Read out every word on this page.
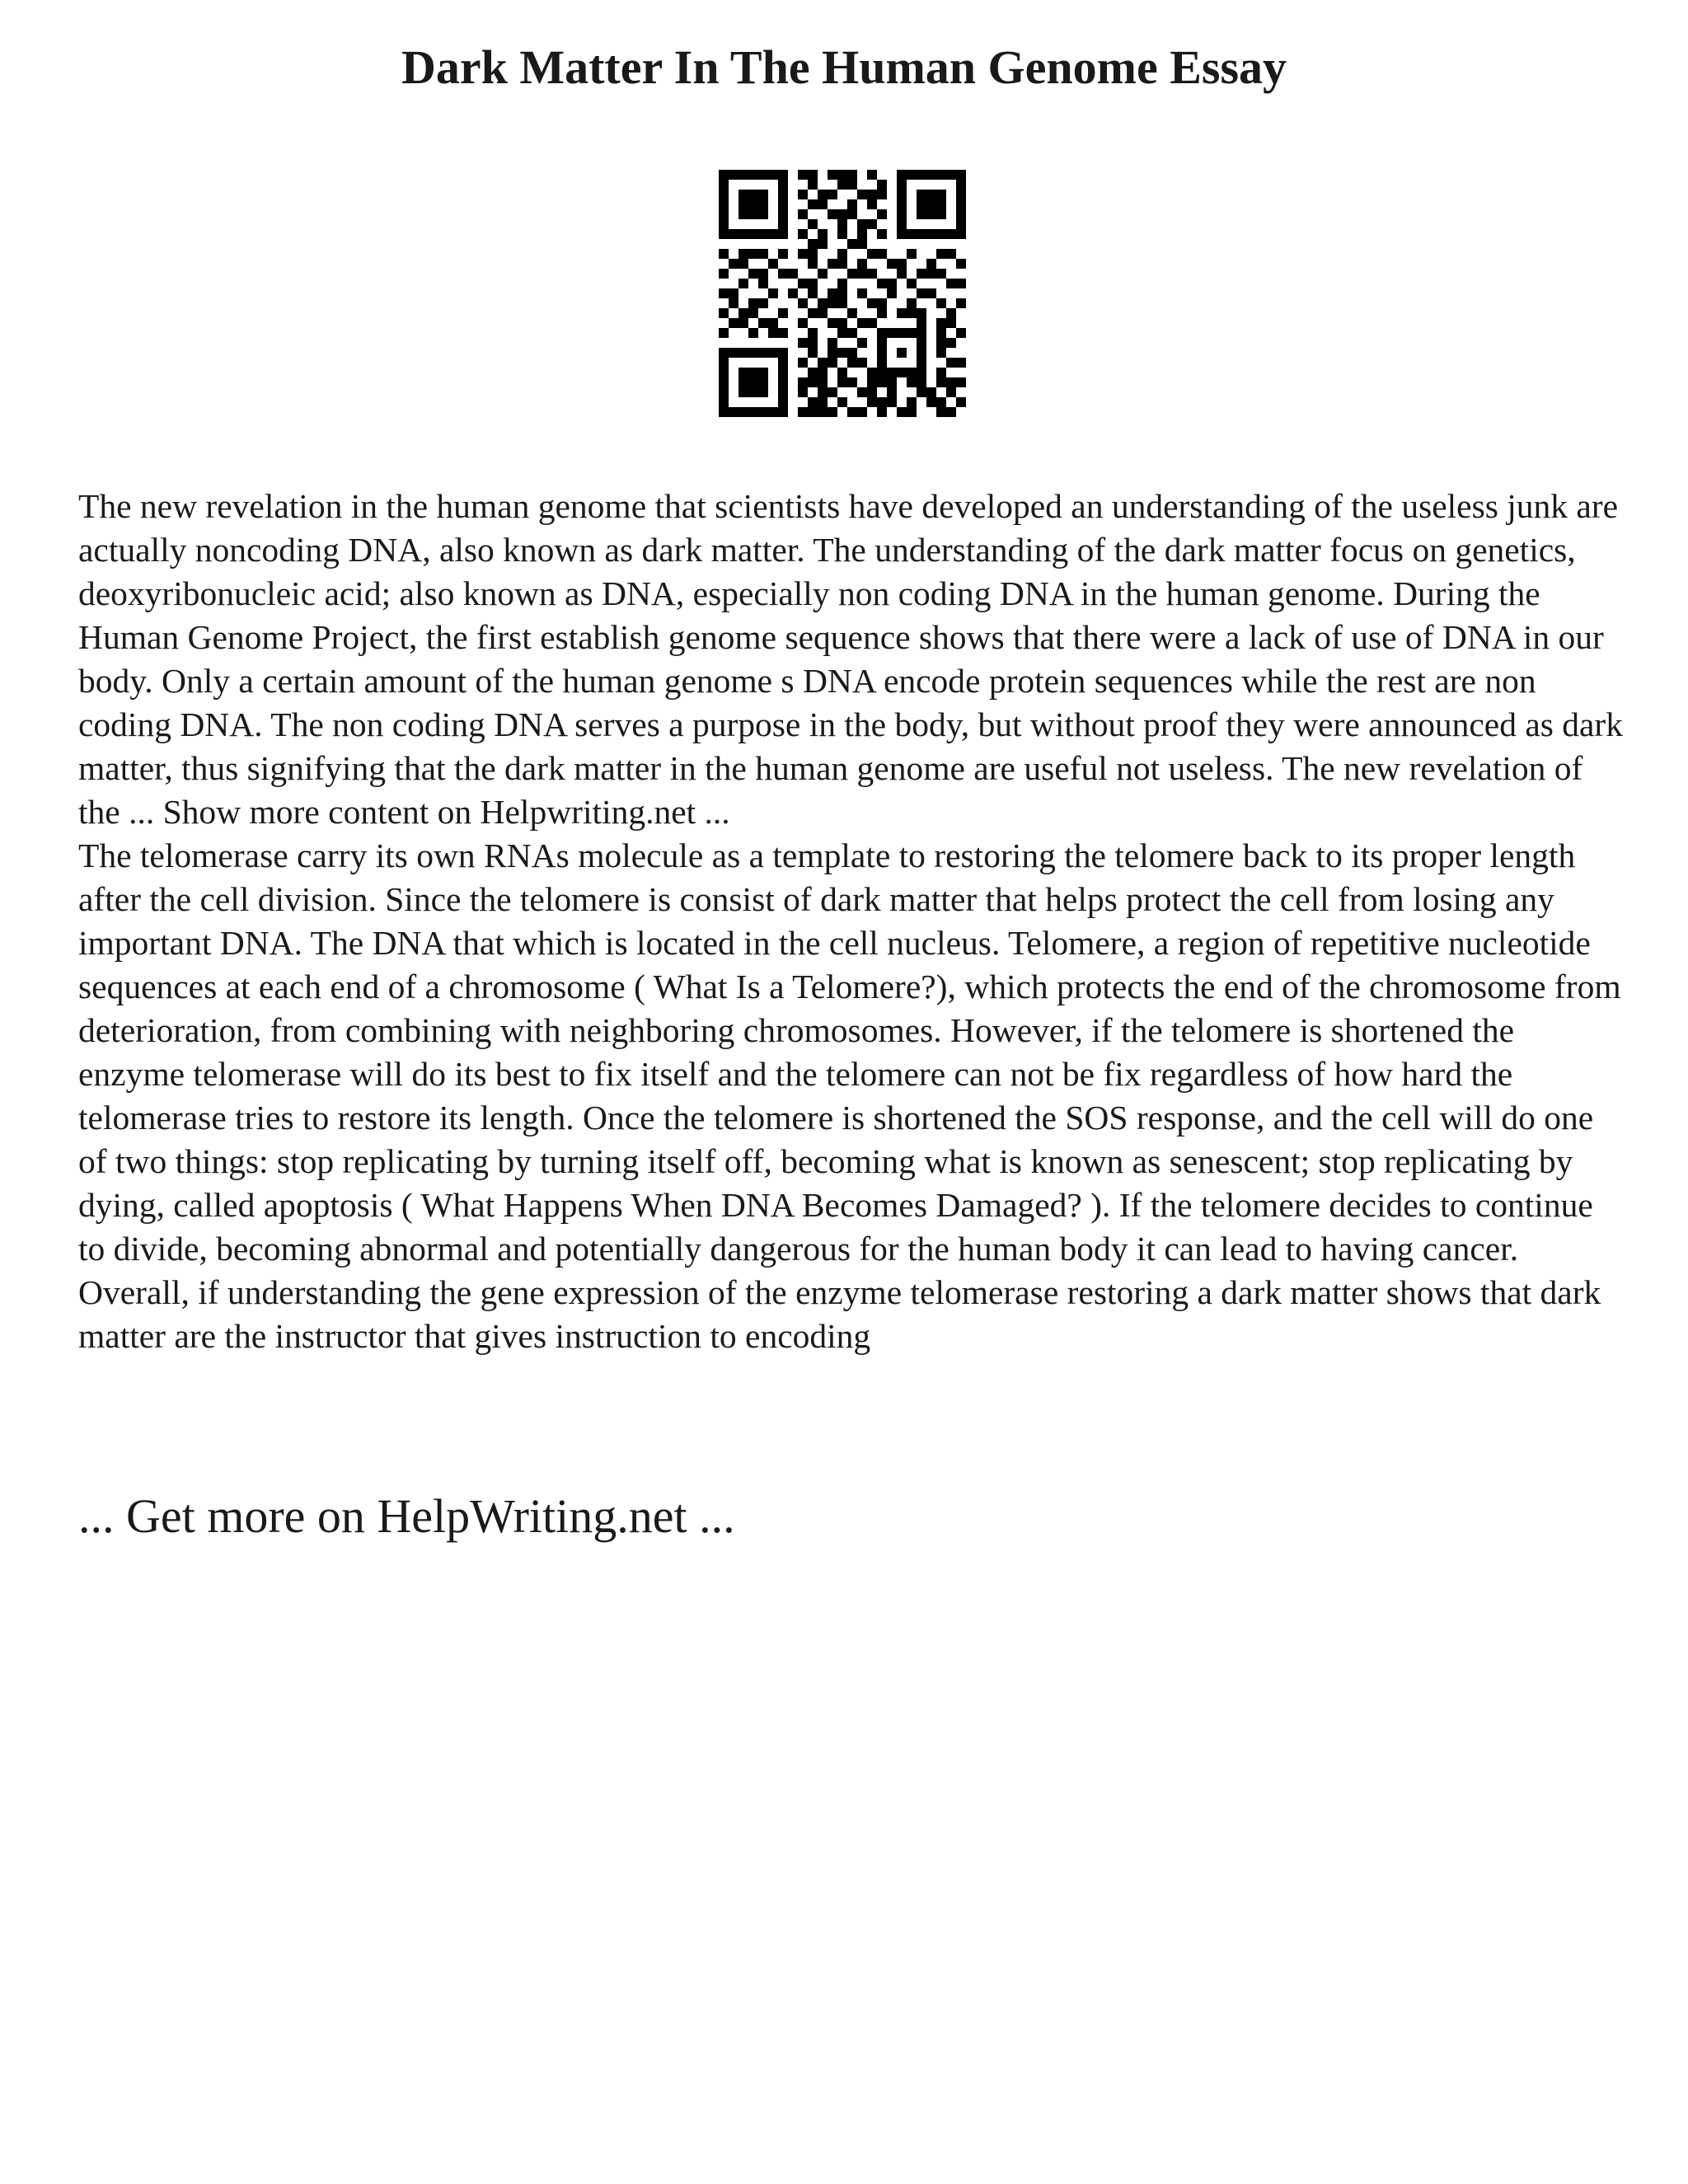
Dark Matter In The Human Genome Essay

The new revelation in the human genome that scientists have developed an understanding of the useless junk are actually noncoding DNA, also known as dark matter. The understanding of the dark matter focus on genetics, deoxyribonucleic acid; also known as DNA, especially non coding DNA in the human genome. During the Human Genome Project, the first establish genome sequence shows that there were a lack of use of DNA in our body. Only a certain amount of the human genome s DNA encode protein sequences while the rest are non coding DNA. The non coding DNA serves a purpose in the body, but without proof they were announced as dark matter, thus signifying that the dark matter in the human genome are useful not useless. The new revelation of the ... Show more content on Helpwriting.net ...

The telomerase carry its own RNAs molecule as a template to restoring the telomere back to its proper length after the cell division. Since the telomere is consist of dark matter that helps protect the cell from losing any important DNA. The DNA that which is located in the cell nucleus. Telomere, a region of repetitive nucleotide sequences at each end of a chromosome ( What Is a Telomere?), which protects the end of the chromosome from deterioration, from combining with neighboring chromosomes. However, if the telomere is shortened the enzyme telomerase will do its best to fix itself and the telomere can not be fix regardless of how hard the telomerase tries to restore its length. Once the telomere is shortened the SOS response, and the cell will do one of two things: stop replicating by turning itself off, becoming what is known as senescent; stop replicating by dying, called apoptosis ( What Happens When DNA Becomes Damaged? ). If the telomere decides to continue to divide, becoming abnormal and potentially dangerous for the human body it can lead to having cancer. Overall, if understanding the gene expression of the enzyme telomerase restoring a dark matter shows that dark matter are the instructor that gives instruction to encoding

... Get more on HelpWriting.net ...
